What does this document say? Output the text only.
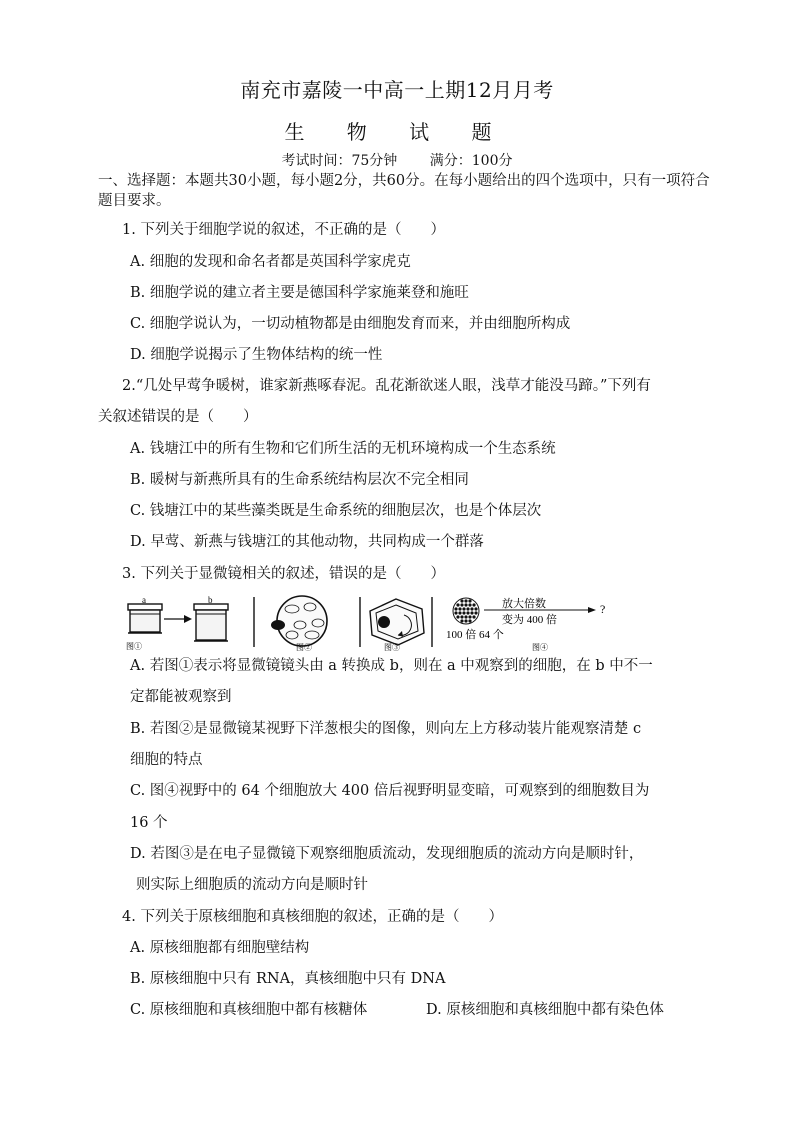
南充市嘉陵一中高一上期12月月考
生 物 试 题
考试时间：75分钟 满分：100分
一、选择题：本题共30小题，每小题2分，共60分。在每小题给出的四个选项中，只有一项符合题目要求。
1. 下列关于细胞学说的叙述，不正确的是（　　）
A. 细胞的发现和命名者都是英国科学家虎克
B. 细胞学说的建立者主要是德国科学家施莱登和施旺
C. 细胞学说认为，一切动植物都是由细胞发育而来，并由细胞所构成
D. 细胞学说揭示了生物体结构的统一性
2.“几处早莺争暖树，谁家新燕啄春泥。乱花渐欲迷人眼，浅草才能没马蹄。”下列有
关叙述错误的是（　　）
A. 钱塘江中的所有生物和它们所生活的无机环境构成一个生态系统
B. 暖树与新燕所具有的生命系统结构层次不完全相同
C. 钱塘江中的某些藻类既是生命系统的细胞层次，也是个体层次
D. 早莺、新燕与钱塘江的其他动物，共同构成一个群落
3. 下列关于显微镜相关的叙述，错误的是（　　）
a	b
图①	图②	图③
放大倍数	?
变为 400 倍
100 倍 64 个
图④
A. 若图①表示将显微镜镜头由 a 转换成 b，则在 a 中观察到的细胞，在 b 中不一
定都能被观察到
B. 若图②是显微镜某视野下洋葱根尖的图像，则向左上方移动装片能观察清楚 c
细胞的特点
C. 图④视野中的 64 个细胞放大 400 倍后视野明显变暗，可观察到的细胞数目为
16 个
D. 若图③是在电子显微镜下观察细胞质流动，发现细胞质的流动方向是顺时针，
则实际上细胞质的流动方向是顺时针
4. 下列关于原核细胞和真核细胞的叙述，正确的是（　　）
A. 原核细胞都有细胞壁结构
B. 原核细胞中只有 RNA，真核细胞中只有 DNA
C. 原核细胞和真核细胞中都有核糖体	D. 原核细胞和真核细胞中都有染色体
